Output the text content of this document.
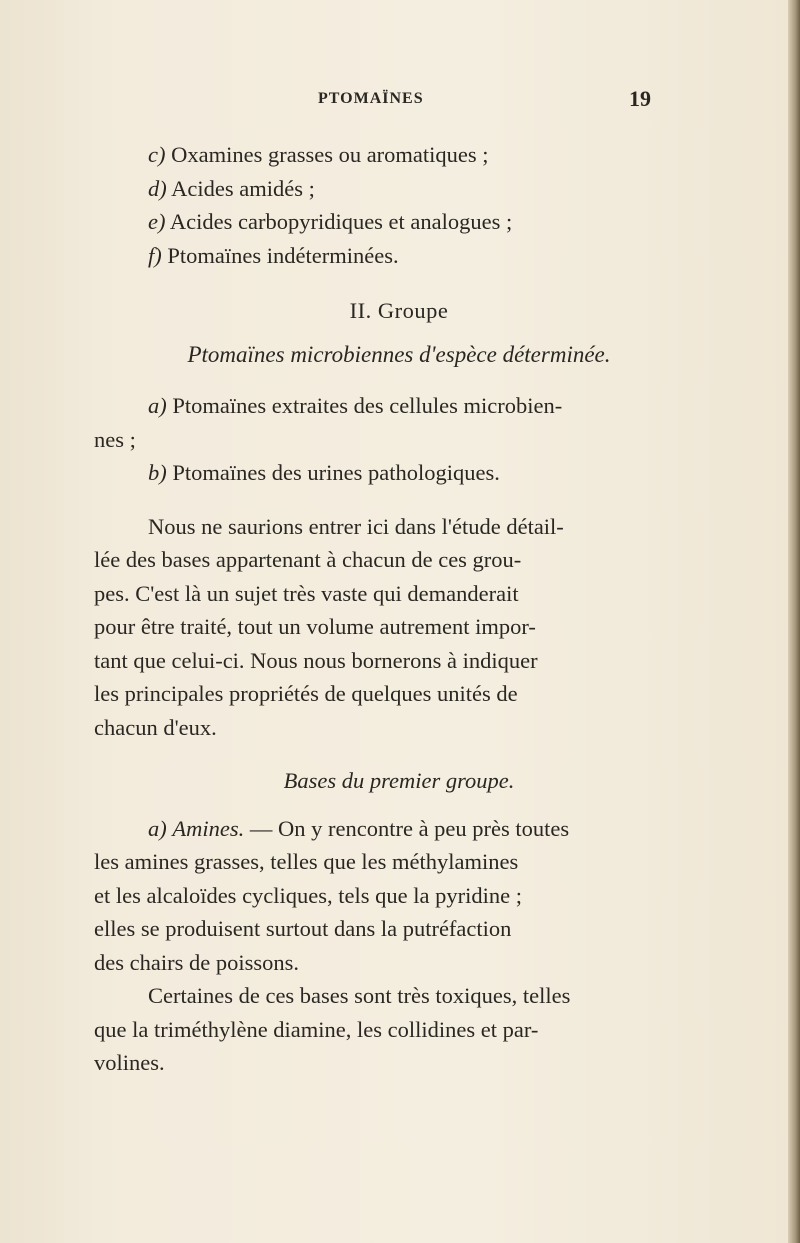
PTOMAÏNES	19

c) Oxamines grasses ou aromatiques ;

d) Acides amidés ;

e) Acides carbopyridiques et analogues ;

f) Ptomaïnes indéterminées.

II. Groupe

Ptomaïnes microbiennes d'espèce déterminée.

a) Ptomaïnes extraites des cellules microbien-

nes ;

b) Ptomaïnes des urines pathologiques.

Nous ne saurions entrer ici dans l'étude détail-

lée des bases appartenant à chacun de ces grou-

pes. C'est là un sujet très vaste qui demanderait

pour être traité, tout un volume autrement impor-

tant que celui-ci. Nous nous bornerons à indiquer

les principales propriétés de quelques unités de

chacun d'eux.

Bases du premier groupe.

a) Amines. — On y rencontre à peu près toutes

les amines grasses, telles que les méthylamines

et les alcaloïdes cycliques, tels que la pyridine ;

elles se produisent surtout dans la putréfaction

des chairs de poissons.

Certaines de ces bases sont très toxiques, telles

que la triméthylène diamine, les collidines et par-

volines.
